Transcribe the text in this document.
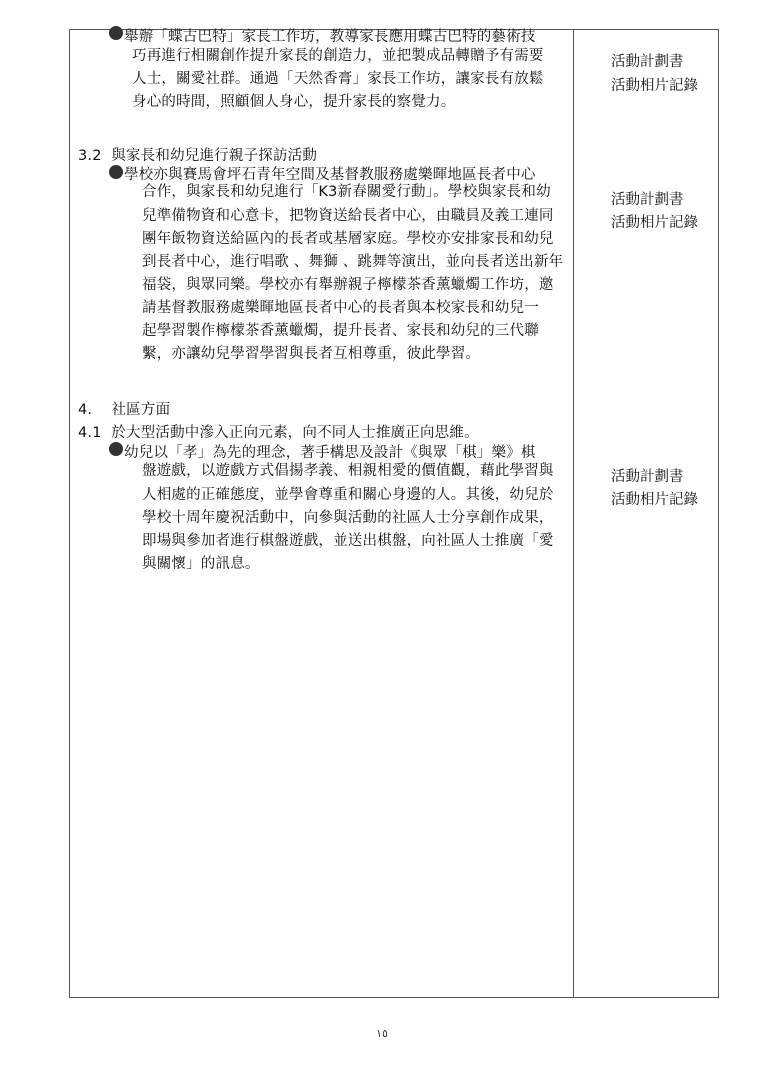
舉辦「蝶古巴特」家長工作坊，教導家長應用蝶古巴特的藝術技
巧再進行相關創作提升家長的創造力，並把製成品轉贈予有需要
人士，關愛社群。通過「天然香膏」家長工作坊，讓家長有放鬆
身心的時間，照顧個人身心，提升家長的察覺力。
活動計劃書
活動相片記錄
3.2  與家長和幼兒進行親子探訪活動
學校亦與賽馬會坪石青年空間及基督教服務處樂暉地區長者中心
合作，與家長和幼兒進行「K3新春關愛行動」。學校與家長和幼
兒準備物資和心意卡，把物資送給長者中心，由職員及義工連同
團年飯物資送給區內的長者或基層家庭。學校亦安排家長和幼兒
到長者中心，進行唱歌 、舞獅 、跳舞等演出，並向長者送出新年
福袋，與眾同樂。學校亦有舉辦親子檸檬茶香薰蠟燭工作坊，邀
請基督教服務處樂暉地區長者中心的長者與本校家長和幼兒一
起學習製作檸檬茶香薰蠟燭，提升長者、家長和幼兒的三代聯
繫，亦讓幼兒學習學習與長者互相尊重，彼此學習。
活動計劃書
活動相片記錄
4.    社區方面
4.1  於大型活動中滲入正向元素，向不同人士推廣正向思維。
幼兒以「孝」為先的理念，著手構思及設計《與眾「棋」樂》棋
盤遊戲，以遊戲方式倡揚孝義、相親相愛的價值觀，藉此學習與
人相處的正確態度，並學會尊重和關心身邊的人。其後，幼兒於
學校十周年慶祝活動中，向參與活動的社區人士分享創作成果，
即場與參加者進行棋盤遊戲，並送出棋盤，向社區人士推廣「愛
與關懷」的訊息。
活動計劃書
活動相片記錄
١٥
